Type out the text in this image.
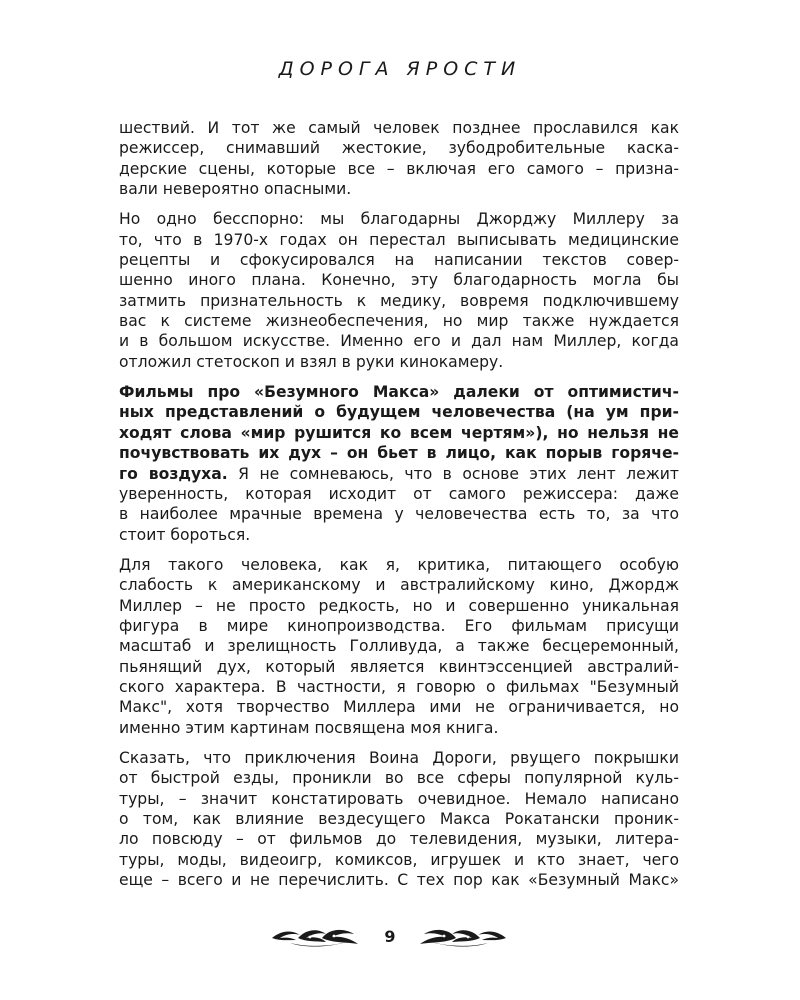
ДОРОГА ЯРОСТИ

шествий. И тот же самый человек позднее прославился как
режиссер, снимавший жестокие, зубодробительные каска-
дерские сцены, которые все – включая его самого – призна-
вали невероятно опасными.

Но одно бесспорно: мы благодарны Джорджу Миллеру за
то, что в 1970-х годах он перестал выписывать медицинские
рецепты и сфокусировался на написании текстов совер-
шенно иного плана. Конечно, эту благодарность могла бы
затмить признательность к медику, вовремя подключившему
вас к системе жизнеобеспечения, но мир также нуждается
и в большом искусстве. Именно его и дал нам Миллер, когда
отложил стетоскоп и взял в руки кинокамеру.

Фильмы про «Безумного Макса» далеки от оптимистич-
ных представлений о будущем человечества (на ум при-
ходят слова «мир рушится ко всем чертям»), но нельзя не
почувствовать их дух – он бьет в лицо, как порыв горяче-
го воздуха. Я не сомневаюсь, что в основе этих лент лежит
уверенность, которая исходит от самого режиссера: даже
в наиболее мрачные времена у человечества есть то, за что
стоит бороться.

Для такого человека, как я, критика, питающего особую
слабость к американскому и австралийскому кино, Джордж
Миллер – не просто редкость, но и совершенно уникальная
фигура в мире кинопроизводства. Его фильмам присущи
масштаб и зрелищность Голливуда, а также бесцеремонный,
пьянящий дух, который является квинтэссенцией австралий-
ского характера. В частности, я говорю о фильмах "Безумный
Макс", хотя творчество Миллера ими не ограничивается, но
именно этим картинам посвящена моя книга.

Сказать, что приключения Воина Дороги, рвущего покрышки
от быстрой езды, проникли во все сферы популярной куль-
туры, – значит констатировать очевидное. Немало написано
о том, как влияние вездесущего Макса Рокатански проник-
ло повсюду – от фильмов до телевидения, музыки, литера-
туры, моды, видеоигр, комиксов, игрушек и кто знает, чего
еще – всего и не перечислить. С тех пор как «Безумный Макс»

9
